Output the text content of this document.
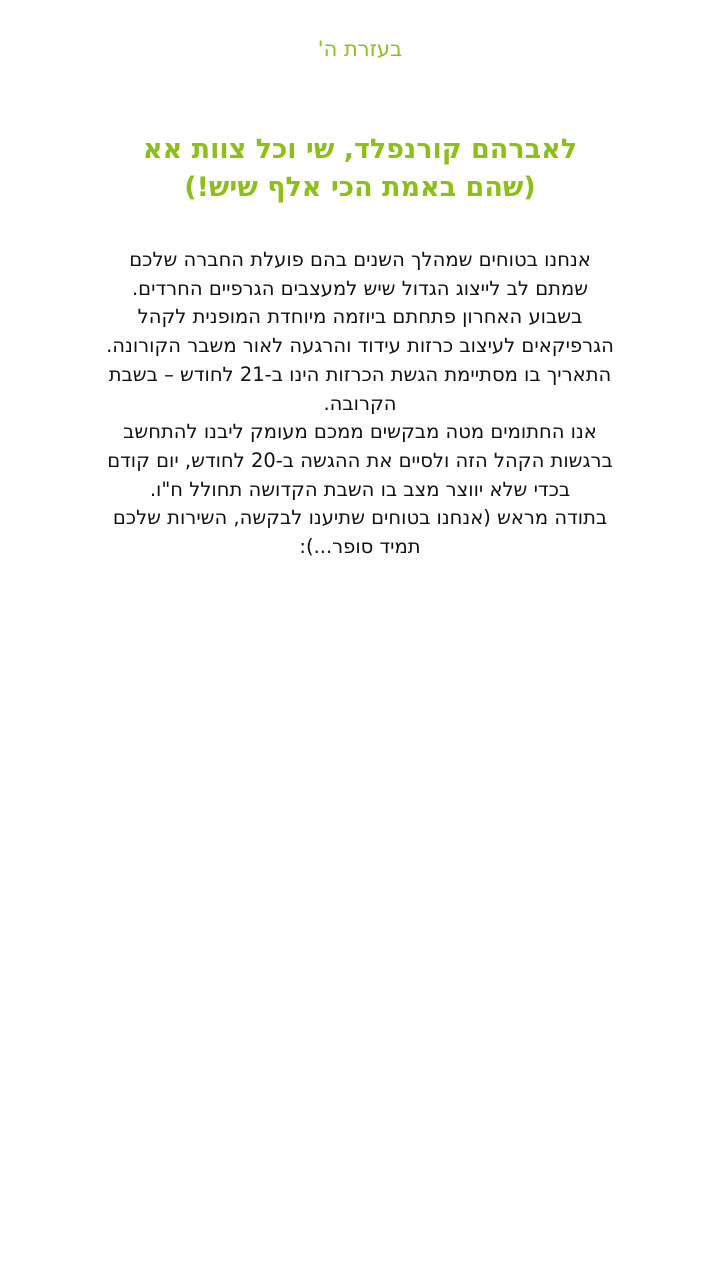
בעזרת ה'
לאברהם קורנפלד, שי וכל צוות אא
(שהם באמת הכי אלף שיש!)

אנחנו בטוחים שמהלך השנים בהם פועלת החברה שלכם שמתם לב לייצוג הגדול שיש למעצבים הגרפיים החרדים.

בשבוע האחרון פתחתם ביוזמה מיוחדת המופנית לקהל הגרפיקאים לעיצוב כרזות עידוד והרגעה לאור משבר הקורונה. התאריך בו מסתיימת הגשת הכרזות הינו ב-21 לחודש – בשבת הקרובה.

אנו החתומים מטה מבקשים ממכם מעומק ליבנו להתחשב ברגשות הקהל הזה ולסיים את ההגשה ב-20 לחודש, יום קודם בכדי שלא יווצר מצב בו השבת הקדושה תחולל ח"ו.

בתודה מראש (אנחנו בטוחים שתיענו לבקשה, השירות שלכם תמיד סופר...):
